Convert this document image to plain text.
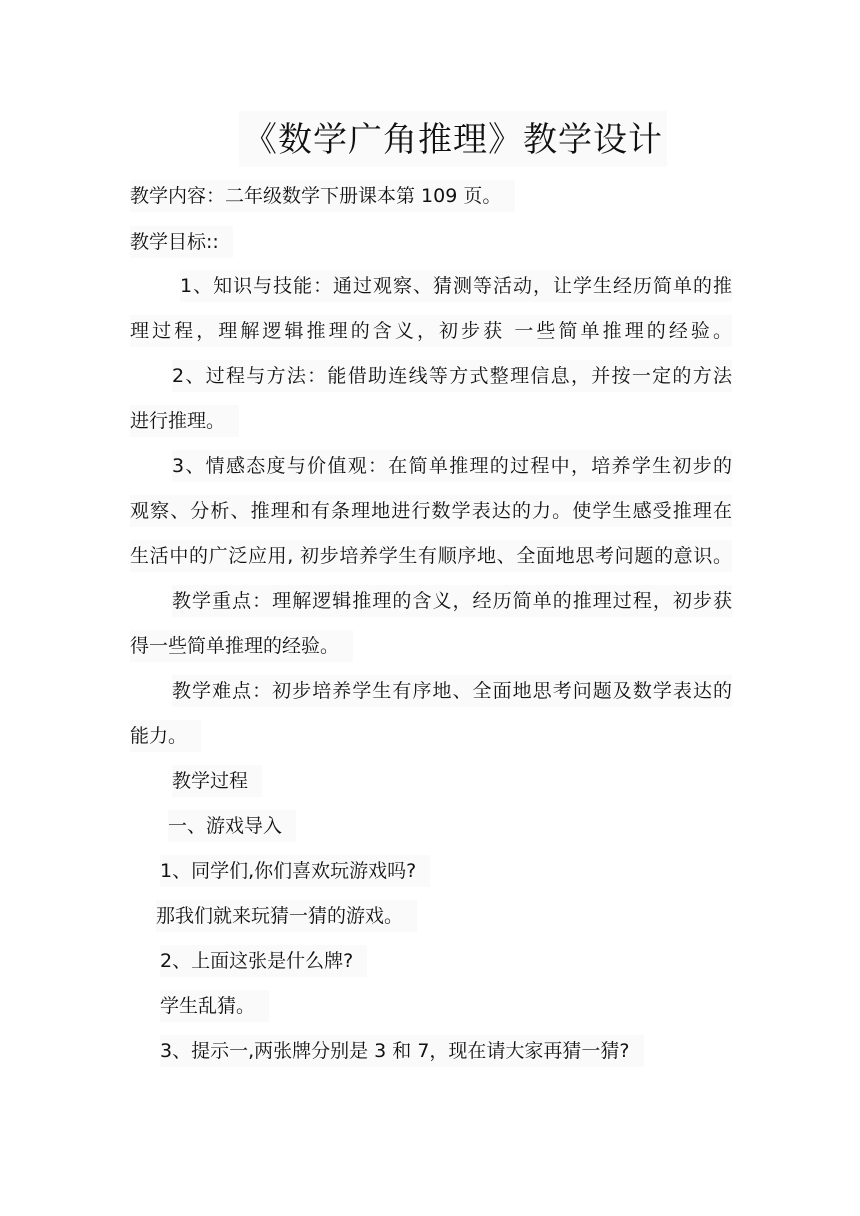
《数学广角推理》教学设计
教学内容：二年级数学下册课本第 109 页。
教学目标::
1、知识与技能：通过观察、猜测等活动，让学生经历简单的推
理过程，理解逻辑推理的含义，初步获 一些简单推理的经验。
2、过程与方法：能借助连线等方式整理信息，并按一定的方法
进行推理。
3、情感态度与价值观：在简单推理的过程中，培养学生初步的
观察、分析、推理和有条理地进行数学表达的力。使学生感受推理在
生活中的广泛应用, 初步培养学生有顺序地、全面地思考问题的意识。
教学重点：理解逻辑推理的含义，经历简单的推理过程，初步获
得一些简单推理的经验。
教学难点：初步培养学生有序地、全面地思考问题及数学表达的
能力。
教学过程
一、游戏导入
1、同学们,你们喜欢玩游戏吗?
那我们就来玩猜一猜的游戏。
2、上面这张是什么牌?
学生乱猜。
3、提示一,两张牌分别是 3 和 7，现在请大家再猜一猜?
